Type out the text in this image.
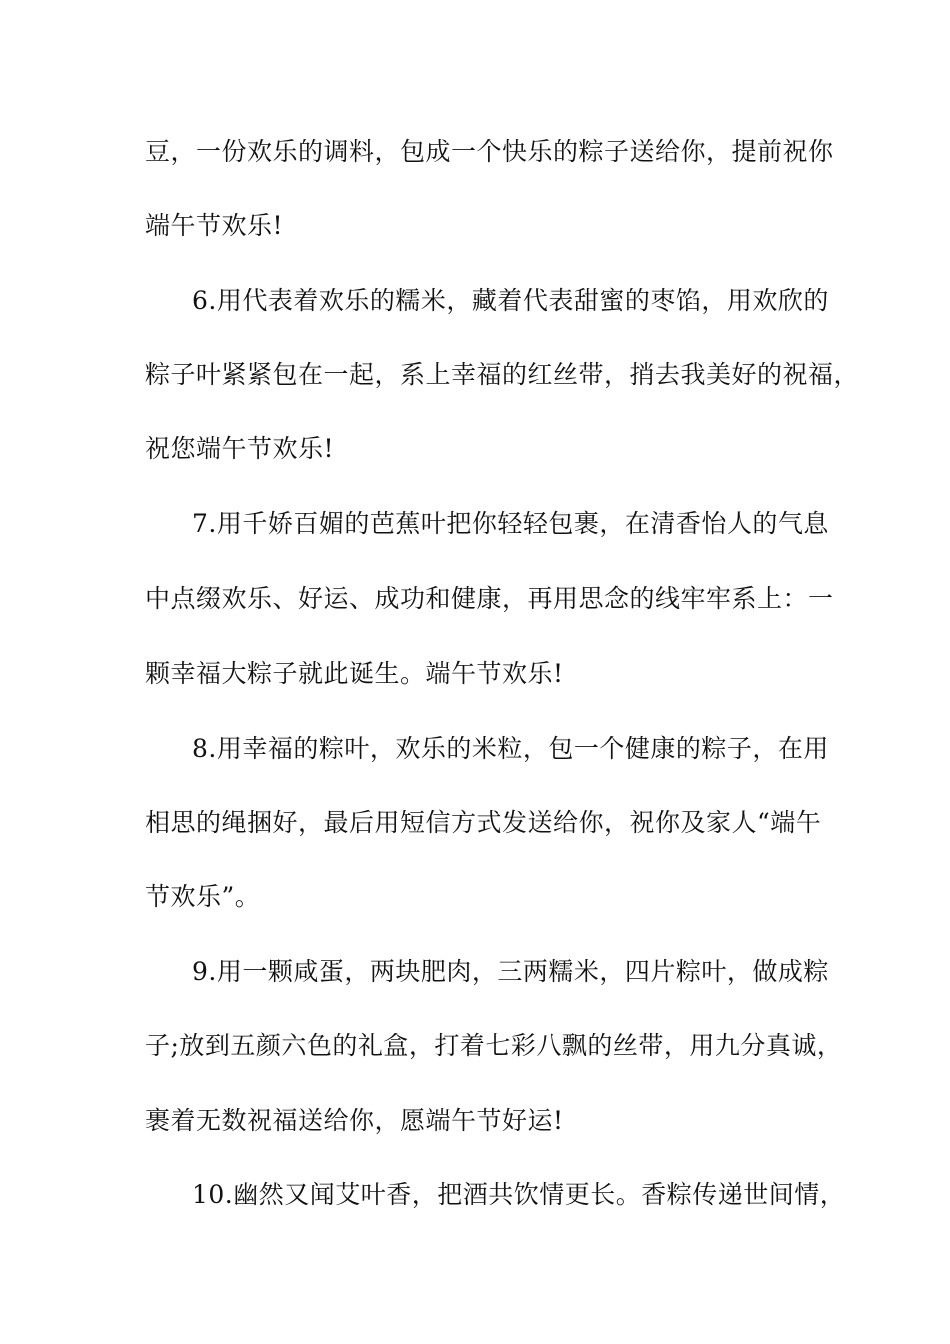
豆，一份欢乐的调料，包成一个快乐的粽子送给你，提前祝你
端午节欢乐!
6.用代表着欢乐的糯米，藏着代表甜蜜的枣馅，用欢欣的
粽子叶紧紧包在一起，系上幸福的红丝带，捎去我美好的祝福，
祝您端午节欢乐!
7.用千娇百媚的芭蕉叶把你轻轻包裹，在清香怡人的气息
中点缀欢乐、好运、成功和健康，再用思念的线牢牢系上：一
颗幸福大粽子就此诞生。端午节欢乐!
8.用幸福的粽叶，欢乐的米粒，包一个健康的粽子，在用
相思的绳捆好，最后用短信方式发送给你，祝你及家人“端午
节欢乐”。
9.用一颗咸蛋，两块肥肉，三两糯米，四片粽叶，做成粽
子;放到五颜六色的礼盒，打着七彩八飘的丝带，用九分真诚，
裹着无数祝福送给你，愿端午节好运!
10.幽然又闻艾叶香，把酒共饮情更长。香粽传递世间情，
